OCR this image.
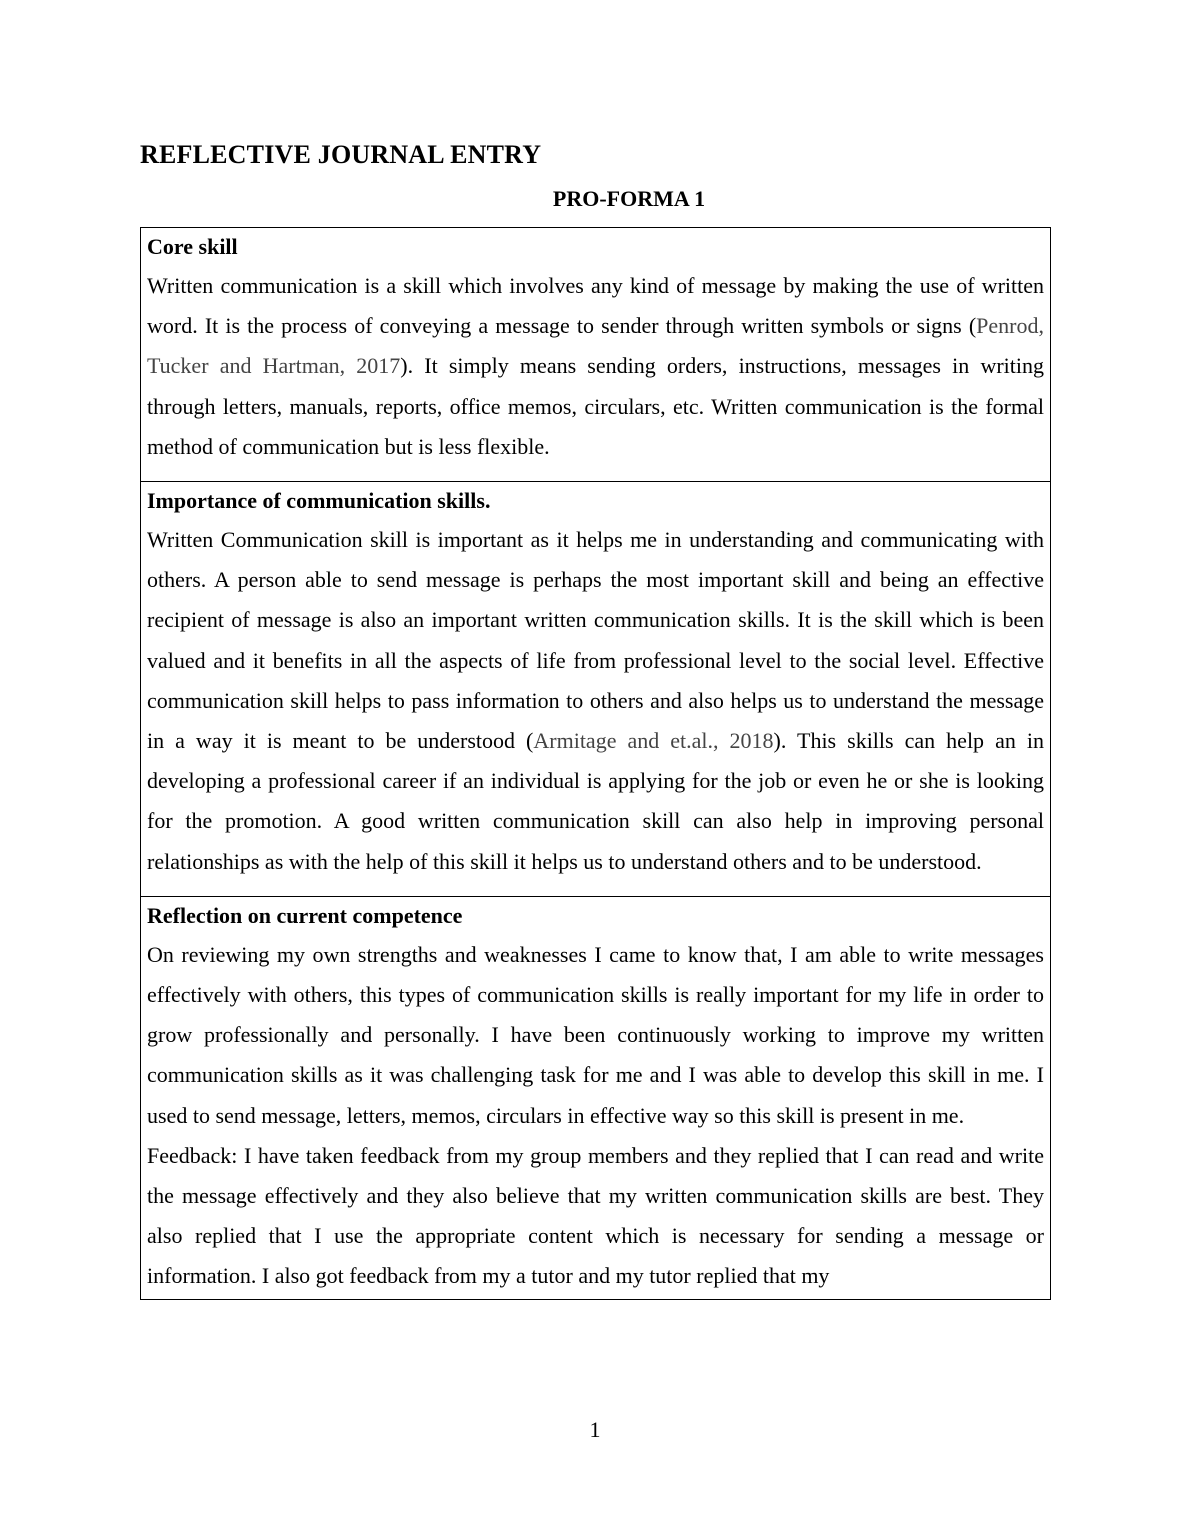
REFLECTIVE JOURNAL ENTRY
PRO-FORMA 1
Core skill

Written communication is a skill which involves any kind of message by making the use of written word. It is the process of conveying a message to sender through written symbols or signs (Penrod, Tucker and Hartman, 2017). It simply means sending orders, instructions, messages in writing through letters, manuals, reports, office memos, circulars, etc. Written communication is the formal method of communication but is less flexible.

Importance of communication skills.

Written Communication skill is important as it helps me in understanding and communicating with others. A person able to send message is perhaps the most important skill and being an effective recipient of message is also an important written communication skills. It is the skill which is been valued and it benefits in all the aspects of life from professional level to the social level. Effective communication skill helps to pass information to others and also helps us to understand the message in a way it is meant to be understood (Armitage and et.al., 2018). This skills can help an in developing a professional career if an individual is applying for the job or even he or she is looking for the promotion. A good written communication skill can also help in improving personal relationships as with the help of this skill it helps us to understand others and to be understood.

Reflection on current competence

On reviewing my own strengths and weaknesses I came to know that, I am able to write messages effectively with others, this types of communication skills is really important for my life in order to grow professionally and personally. I have been continuously working to improve my written communication skills as it was challenging task for me and I was able to develop this skill in me. I used to send message, letters, memos, circulars in effective way so this skill is present in me.

Feedback: I have taken feedback from my group members and they replied that I can read and write the message effectively and they also believe that my written communication skills are best. They also replied that I use the appropriate content which is necessary for sending a message or information. I also got feedback from my a tutor and my tutor replied that my

1
